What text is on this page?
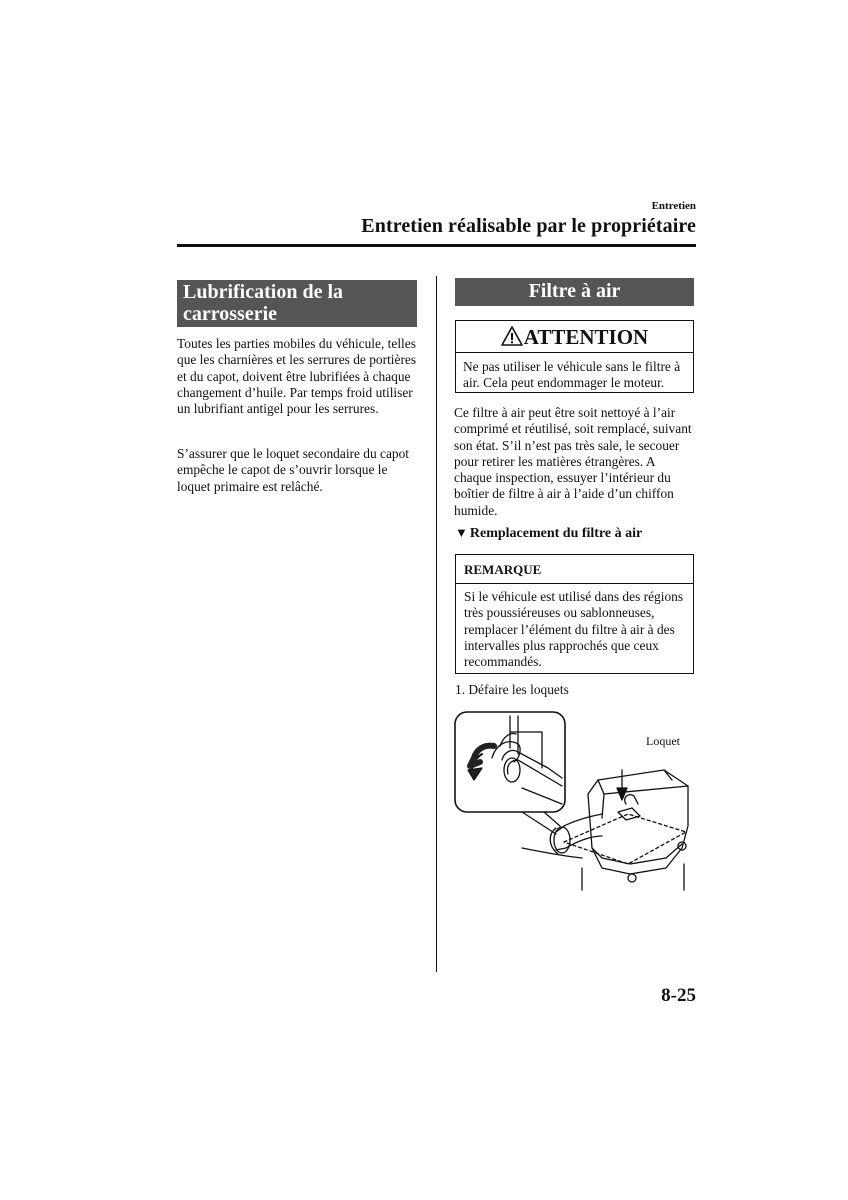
Entretien
Entretien réalisable par le propriétaire
Lubrification de la carrosserie
Toutes les parties mobiles du véhicule, telles que les charnières et les serrures de portières et du capot, doivent être lubrifiées à chaque changement d’huile. Par temps froid utiliser un lubrifiant antigel pour les serrures.
S’assurer que le loquet secondaire du capot empêche le capot de s’ouvrir lorsque le loquet primaire est relâché.
Filtre à air
ATTENTION
Ne pas utiliser le véhicule sans le filtre à air. Cela peut endommager le moteur.
Ce filtre à air peut être soit nettoyé à l’air comprimé et réutilisé, soit remplacé, suivant son état. S’il n’est pas très sale, le secouer pour retirer les matières étrangères. A chaque inspection, essuyer l’intérieur du boîtier de filtre à air à l’aide d’un chiffon humide.
▼ Remplacement du filtre à air
REMARQUE
Si le véhicule est utilisé dans des régions très poussiéreuses ou sablonneuses, remplacer l’élément du filtre à air à des intervalles plus rapprochés que ceux recommandés.
1. Défaire les loquets
Loquet
8-25
